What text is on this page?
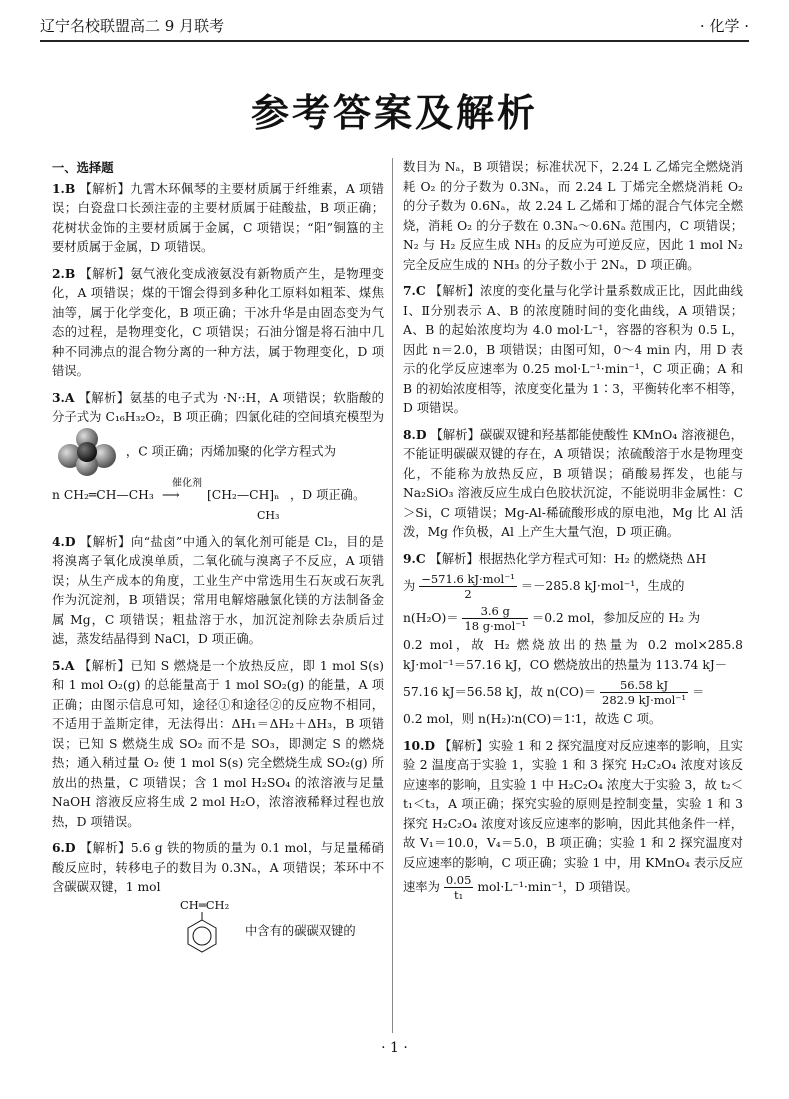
辽宁名校联盟高二 9 月联考	· 化学 ·
参考答案及解析
一、选择题

1.B 【解析】九霄木环佩琴的主要材质属于纤维素，A 项错误；白瓷盘口长颈注壶的主要材质属于硅酸盐，B 项正确；花树状金饰的主要材质属于金属，C 项错误；“阳”铜簋的主要材质属于金属，D 项错误。

2.B 【解析】氨气液化变成液氨没有新物质产生，是物理变化，A 项错误；煤的干馏会得到多种化工原料如粗苯、煤焦油等，属于化学变化，B 项正确；干冰升华是由固态变为气态的过程，是物理变化，C 项错误；石油分馏是将石油中几种不同沸点的混合物分离的一种方法，属于物理变化，D 项错误。

3.A 【解析】氨基的电子式为 ·N·:H，A 项错误；软脂酸的分子式为 C₁₆H₃₂O₂，B 项正确；四氯化硅的空间填充模型为  ，C 项正确；丙烯加聚的化学方程式为

n CH₂═CH—CH₃
催化剂
⟶ [CH₂—CH]ₙ
CH₃
，D 项正确。

4.D 【解析】向“盐卤”中通入的氧化剂可能是 Cl₂，目的是将溴离子氧化成溴单质，二氧化硫与溴离子不反应，A 项错误；从生产成本的角度，工业生产中常选用生石灰或石灰乳作为沉淀剂，B 项错误；常用电解熔融氯化镁的方法制备金属 Mg，C 项错误；粗盐溶于水，加沉淀剂除去杂质后过滤，蒸发结晶得到 NaCl，D 项正确。

5.A 【解析】已知 S 燃烧是一个放热反应，即 1 mol S(s) 和 1 mol O₂(g) 的总能量高于 1 mol SO₂(g) 的能量，A 项正确；由图示信息可知，途径①和途径②的反应物不相同，不适用于盖斯定律，无法得出：ΔH₁＝ΔH₂＋ΔH₃，B 项错误；已知 S 燃烧生成 SO₂ 而不是 SO₃，即测定 S 的燃烧热；通入稍过量 O₂ 使 1 mol S(s) 完全燃烧生成 SO₂(g) 所放出的热量，C 项错误；含 1 mol H₂SO₄ 的浓溶液与足量 NaOH 溶液反应将生成 2 mol H₂O，浓溶液稀释过程也放热，D 项错误。

6.D 【解析】5.6 g 铁的物质的量为 0.1 mol，与足量稀硝酸反应时，转移电子的数目为 0.3Nₐ，A 项错误；苯环中不含碳碳双键，1 mol

CH═CH₂
中含有的碳碳双键的

数目为 Nₐ，B 项错误；标准状况下，2.24 L 乙烯完全燃烧消耗 O₂ 的分子数为 0.3Nₐ，而 2.24 L 丁烯完全燃烧消耗 O₂ 的分子数为 0.6Nₐ，故 2.24 L 乙烯和丁烯的混合气体完全燃烧，消耗 O₂ 的分子数在 0.3Nₐ～0.6Nₐ 范围内，C 项错误；N₂ 与 H₂ 反应生成 NH₃ 的反应为可逆反应，因此 1 mol N₂ 完全反应生成的 NH₃ 的分子数小于 2Nₐ，D 项正确。

7.C 【解析】浓度的变化量与化学计量系数成正比，因此曲线Ⅰ、Ⅱ分别表示 A、B 的浓度随时间的变化曲线，A 项错误；A、B 的起始浓度均为 4.0 mol·L⁻¹，容器的容积为 0.5 L，因此 n＝2.0，B 项错误；由图可知，0～4 min 内，用 D 表示的化学反应速率为 0.25 mol·L⁻¹·min⁻¹，C 项正确；A 和 B 的初始浓度相等，浓度变化量为 1∶3，平衡转化率不相等，D 项错误。

8.D 【解析】碳碳双键和羟基都能使酸性 KMnO₄ 溶液褪色，不能证明碳碳双键的存在，A 项错误；浓硫酸溶于水是物理变化，不能称为放热反应，B 项错误；硝酸易挥发，也能与 Na₂SiO₃ 溶液反应生成白色胶状沉淀，不能说明非金属性：C＞Si，C 项错误；Mg-Al-稀硫酸形成的原电池，Mg 比 Al 活泼，Mg 作负极，Al 上产生大量气泡，D 项正确。

9.C 【解析】根据热化学方程式可知：H₂ 的燃烧热 ΔH
为 $\frac{\text{−571.6 kJ·mol⁻¹}}{2} =-285.8$ kJ·mol⁻¹，生成的
$n(H_2O)= \frac{3.6 g}{\text{18 g·mol⁻¹}} =0.2$ mol，参加反应的 H₂ 为
0.2 mol，故 H₂ 燃烧放出的热量为 0.2 mol×285.8 kJ·mol⁻¹＝57.16 kJ，CO 燃烧放出的热量为 113.74 kJ－
57.16 kJ＝56.58 kJ，故 $n(CO)= \frac{56.58 kJ}{\text{282.9 kJ·mol⁻¹}}$ ＝
0.2 mol，则 n(H₂)∶n(CO)＝1∶1，故选 C 项。
10.D 【解析】实验 1 和 2 探究温度对反应速率的影响，且实验 2 温度高于实验 1，实验 1 和 3 探究 H₂C₂O₄ 浓度对该反应速率的影响，且实验 1 中 H₂C₂O₄ 浓度大于实验 3，故 t₂＜t₁＜t₃，A 项正确；探究实验的原则是控制变量，实验 1 和 3 探究 H₂C₂O₄ 浓度对该反应速率的影响，因此其他条件一样，故 V₁＝10.0，V₄＝5.0，B 项正确；实验 1 和 2 探究温度对反应速率的影响，C 项正确；实验 1 中，用 KMnO₄ 表示反应速率为 $\frac{0.05}{\text{t₁}} mol\cdot L^{-1}\cdot\min^{-1}$，D 项错误。
· 1 ·
